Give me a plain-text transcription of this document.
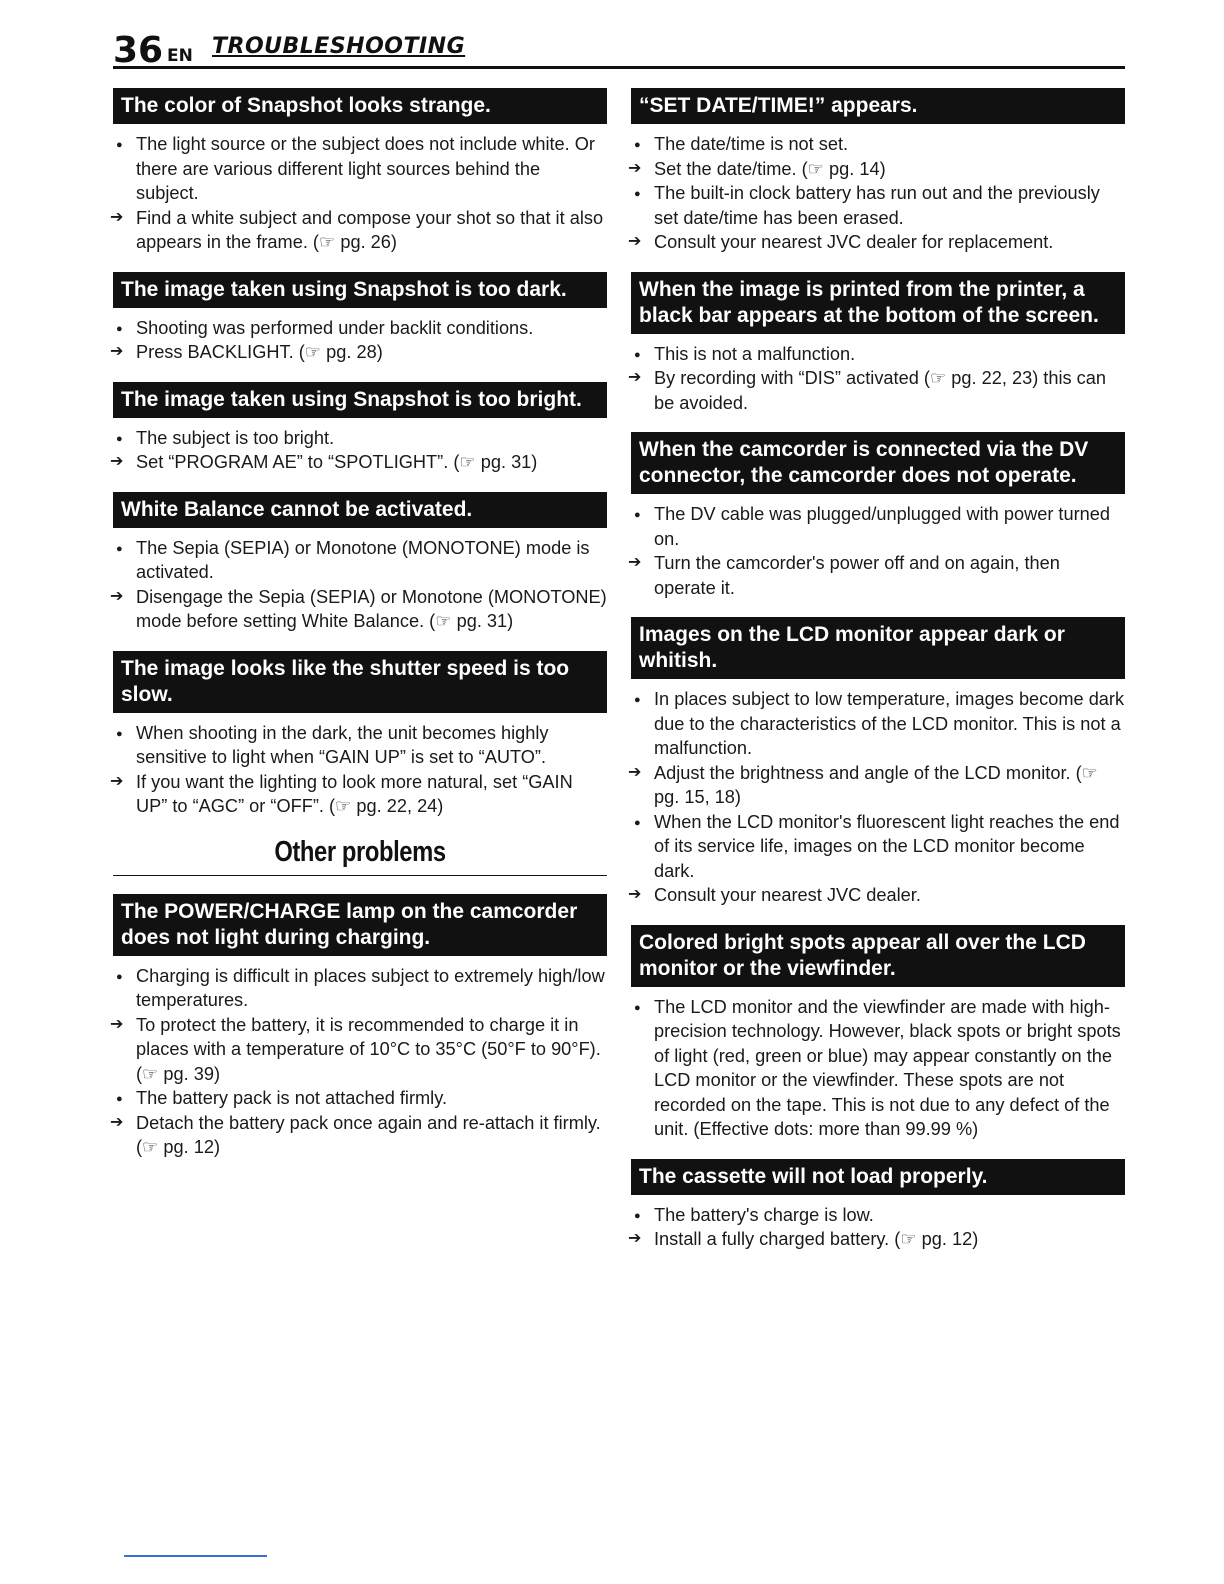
36 EN TROUBLESHOOTING
The color of Snapshot looks strange.
● The light source or the subject does not include white. Or there are various different light sources behind the subject.
➔ Find a white subject and compose your shot so that it also appears in the frame. (☞ pg. 26)
The image taken using Snapshot is too dark.
● Shooting was performed under backlit conditions.
➔ Press BACKLIGHT. (☞ pg. 28)
The image taken using Snapshot is too bright.
● The subject is too bright.
➔ Set “PROGRAM AE” to “SPOTLIGHT”. (☞ pg. 31)
White Balance cannot be activated.
● The Sepia (SEPIA) or Monotone (MONOTONE) mode is activated.
➔ Disengage the Sepia (SEPIA) or Monotone (MONOTONE) mode before setting White Balance. (☞ pg. 31)
The image looks like the shutter speed is too slow.
● When shooting in the dark, the unit becomes highly sensitive to light when “GAIN UP” is set to “AUTO”.
➔ If you want the lighting to look more natural, set “GAIN UP” to “AGC” or “OFF”. (☞ pg. 22, 24)
Other problems
The POWER/CHARGE lamp on the camcorder does not light during charging.
● Charging is difficult in places subject to extremely high/low temperatures.
➔ To protect the battery, it is recommended to charge it in places with a temperature of 10°C to 35°C (50°F to 90°F). (☞ pg. 39)
● The battery pack is not attached firmly.
➔ Detach the battery pack once again and re-attach it firmly. (☞ pg. 12)
“SET DATE/TIME!” appears.
● The date/time is not set.
➔ Set the date/time. (☞ pg. 14)
● The built-in clock battery has run out and the previously set date/time has been erased.
➔ Consult your nearest JVC dealer for replacement.
When the image is printed from the printer, a black bar appears at the bottom of the screen.
● This is not a malfunction.
➔ By recording with “DIS” activated (☞ pg. 22, 23) this can be avoided.
When the camcorder is connected via the DV connector, the camcorder does not operate.
● The DV cable was plugged/unplugged with power turned on.
➔ Turn the camcorder's power off and on again, then operate it.
Images on the LCD monitor appear dark or whitish.
● In places subject to low temperature, images become dark due to the characteristics of the LCD monitor. This is not a malfunction.
➔ Adjust the brightness and angle of the LCD monitor. (☞ pg. 15, 18)
● When the LCD monitor's fluorescent light reaches the end of its service life, images on the LCD monitor become dark.
➔ Consult your nearest JVC dealer.
Colored bright spots appear all over the LCD monitor or the viewfinder.
● The LCD monitor and the viewfinder are made with high-precision technology. However, black spots or bright spots of light (red, green or blue) may appear constantly on the LCD monitor or the viewfinder. These spots are not recorded on the tape. This is not due to any defect of the unit. (Effective dots: more than 99.99 %)
The cassette will not load properly.
● The battery's charge is low.
➔ Install a fully charged battery. (☞ pg. 12)
